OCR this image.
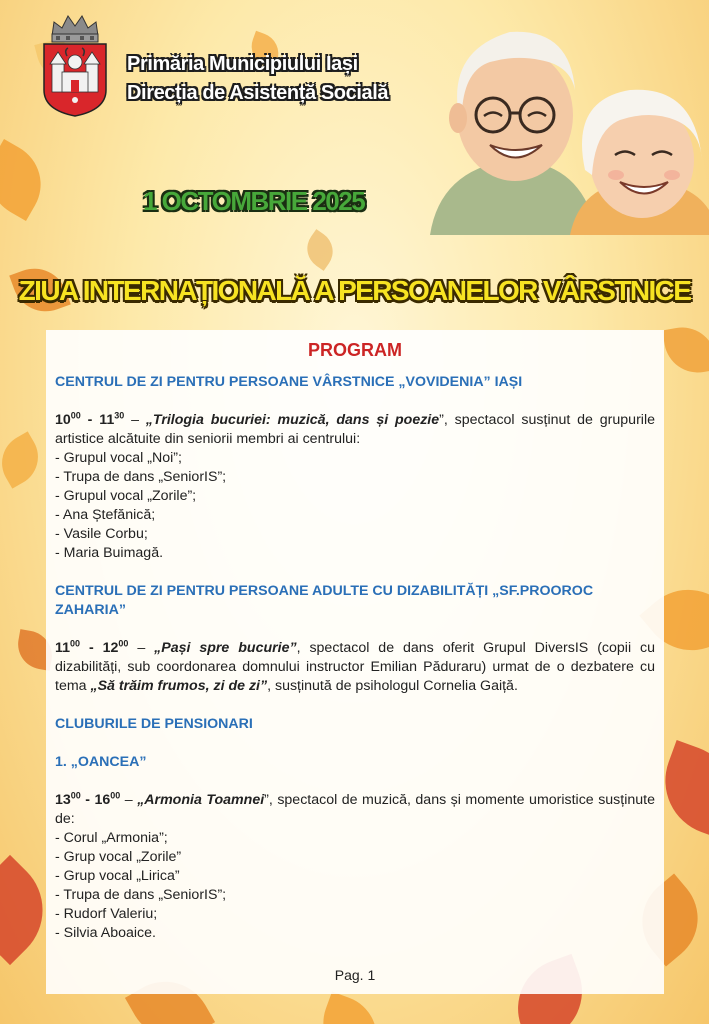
Primăria Municipiului Iași
Direcția de Asistență Socială
1 OCTOMBRIE 2025
ZIUA INTERNAȚIONALĂ A PERSOANELOR VÂRSTNICE
PROGRAM
CENTRUL DE ZI PENTRU PERSOANE VÂRSTNICE „VOVIDENIA” IAȘI

$10^{00} - 11^{30}$ – „Trilogia bucuriei: muzică, dans și poezie”, spectacol susținut de grupurile artistice alcătuite din seniorii membri ai centrului:

- Grupul vocal „Noi”;
- Trupa de dans „SeniorIS”;
- Grupul vocal „Zorile”;
- Ana Ștefănică;
- Vasile Corbu;
- Maria Buimagă.
CENTRUL DE ZI PENTRU PERSOANE ADULTE CU DIZABILITĂȚI „SF.PROOROC ZAHARIA”

$11^{00} - 12^{00}$ – „Pași spre bucurie”, spectacol de dans oferit Grupul DiversIS (copii cu dizabilități, sub coordonarea domnului instructor Emilian Păduraru) urmat de o dezbatere cu tema „Să trăim frumos, zi de zi”, susținută de psihologul Cornelia Gaiță.

CLUBURILE DE PENSIONARI
1. „OANCEA”

$13^{00} - 16^{00}$ – „Armonia Toamnei”, spectacol de muzică, dans și momente umoristice susținute de:

- Corul „Armonia”;
- Grup vocal „Zorile”
- Grup vocal „Lirica”
- Trupa de dans „SeniorIS”;
- Rudorf Valeriu;
- Silvia Aboaice.
Pag. 1
